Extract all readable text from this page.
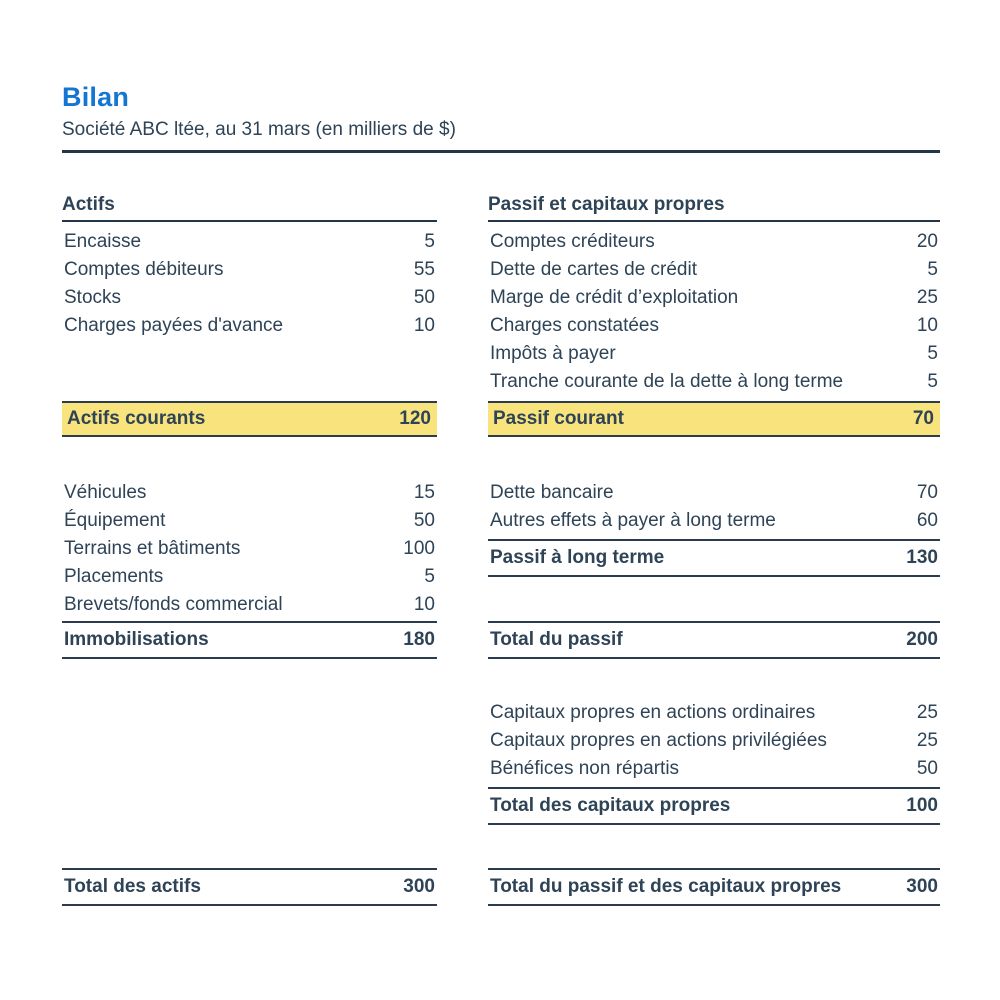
Bilan

Société ABC ltée, au 31 mars (en milliers de $)

Actifs
Encaisse	5
Comptes débiteurs	55
Stocks	50
Charges payées d'avance	10
Actifs courants	120
Véhicules	15
Équipement	50
Terrains et bâtiments	100
Placements	5
Brevets/fonds commercial	10
Immobilisations	180
Total des actifs	300
Passif et capitaux propres
Comptes créditeurs	20
Dette de cartes de crédit	5
Marge de crédit d’exploitation	25
Charges constatées	10
Impôts à payer	5
Tranche courante de la dette à long terme	5
Passif courant	70
Dette bancaire	70
Autres effets à payer à long terme	60
Passif à long terme	130
Total du passif	200
Capitaux propres en actions ordinaires	25
Capitaux propres en actions privilégiées	25
Bénéfices non répartis	50
Total des capitaux propres	100
Total du passif et des capitaux propres	300
